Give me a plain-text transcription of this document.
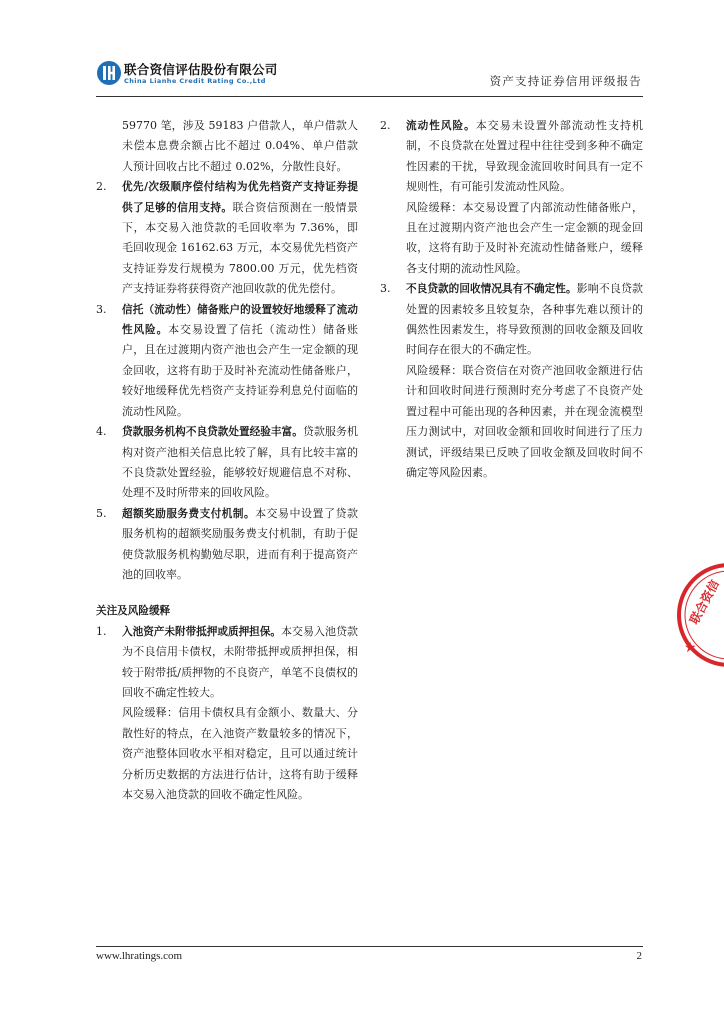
联合资信评估股份有限公司
China Lianhe Credit Rating Co.,Ltd	资产支持证券信用评级报告
59770 笔，涉及 59183 户借款人，单户借款人未偿本息费余额占比不超过 0.04%、单户借款人预计回收占比不超过 0.02%，分散性良好。
2. 优先/次级顺序偿付结构为优先档资产支持证券提供了足够的信用支持。联合资信预测在一般情景下，本交易入池贷款的毛回收率为 7.36%，即毛回收现金 16162.63 万元，本交易优先档资产支持证券发行规模为 7800.00 万元，优先档资产支持证券将获得资产池回收款的优先偿付。
3. 信托（流动性）储备账户的设置较好地缓释了流动性风险。本交易设置了信托（流动性）储备账户，且在过渡期内资产池也会产生一定金额的现金回收，这将有助于及时补充流动性储备账户，较好地缓释优先档资产支持证券利息兑付面临的流动性风险。
4. 贷款服务机构不良贷款处置经验丰富。贷款服务机构对资产池相关信息比较了解，具有比较丰富的不良贷款处置经验，能够较好规避信息不对称、处理不及时所带来的回收风险。
5. 超额奖励服务费支付机制。本交易中设置了贷款服务机构的超额奖励服务费支付机制，有助于促使贷款服务机构勤勉尽职，进而有利于提高资产池的回收率。
关注及风险缓释
1. 入池资产未附带抵押或质押担保。本交易入池贷款为不良信用卡债权，未附带抵押或质押担保，相较于附带抵/质押物的不良资产，单笔不良债权的回收不确定性较大。
风险缓释：信用卡债权具有金额小、数量大、分散性好的特点，在入池资产数量较多的情况下，资产池整体回收水平相对稳定，且可以通过统计分析历史数据的方法进行估计，这将有助于缓释本交易入池贷款的回收不确定性风险。
2. 流动性风险。本交易未设置外部流动性支持机制，不良贷款在处置过程中往往受到多种不确定性因素的干扰，导致现金流回收时间具有一定不规则性，有可能引发流动性风险。
风险缓释：本交易设置了内部流动性储备账户，且在过渡期内资产池也会产生一定金额的现金回收，这将有助于及时补充流动性储备账户，缓释各支付期的流动性风险。
3. 不良贷款的回收情况具有不确定性。影响不良贷款处置的因素较多且较复杂，各种事先难以预计的偶然性因素发生，将导致预测的回收金额及回收时间存在很大的不确定性。
风险缓释：联合资信在对资产池回收金额进行估计和回收时间进行预测时充分考虑了不良资产处置过程中可能出现的各种因素，并在现金流模型压力测试中，对回收金额和回收时间进行了压力测试，评级结果已反映了回收金额及回收时间不确定等风险因素。
联合资信
★
www.lhratings.com	2
